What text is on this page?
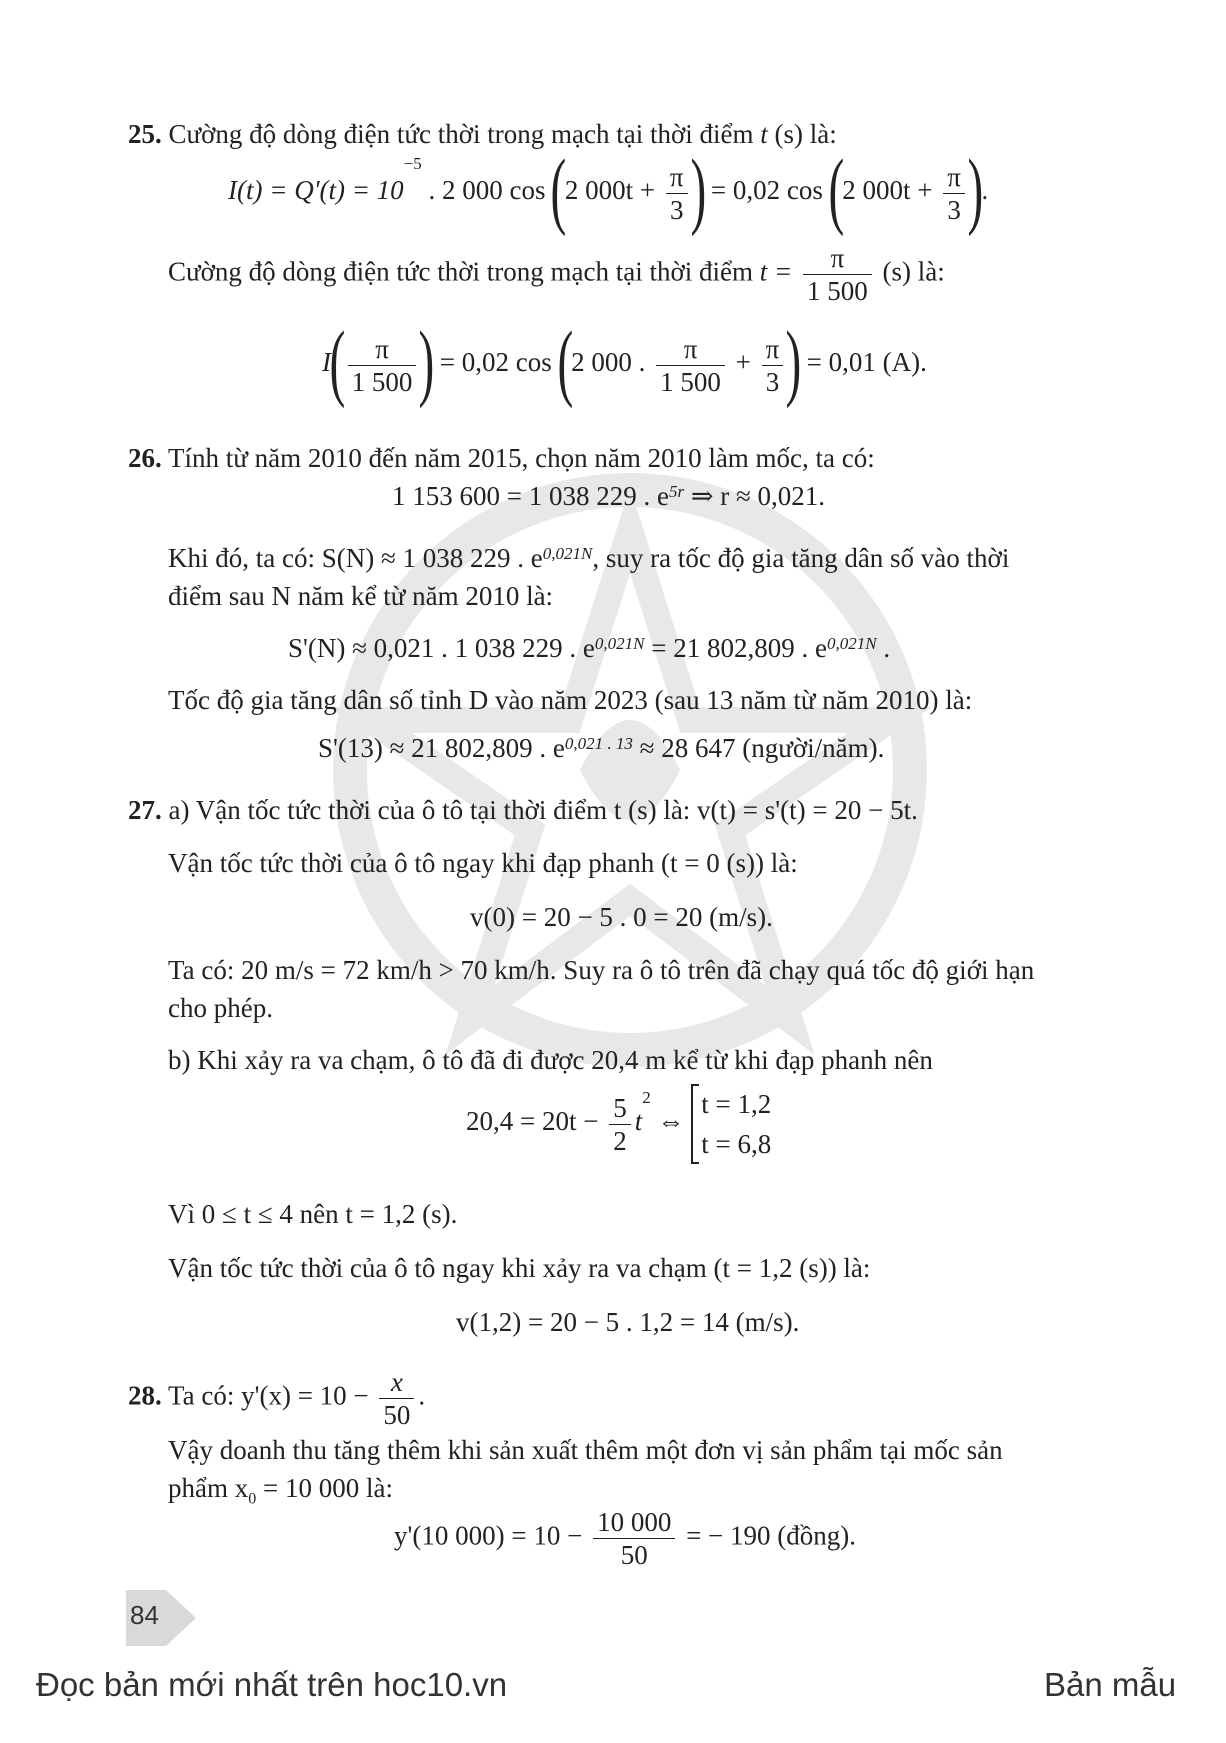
25. Cường độ dòng điện tức thời trong mạch tại thời điểm t (s) là:
$I(t) = Q'(t) = 10^{-5}$ . 2 000 cos (2 $000t + \frac{\pi}{3}$ ) = 0,02 cos (2 $000t + \frac{\pi}{3}$ ).
Cường độ dòng điện tức thời trong mạch tại thời điểm $t = \frac{\pi}{1 500} (s)$ là:
$I( \frac{\pi}{1 500}$ ) = 0,02 cos (2 000 . $\frac{\pi}{1 500} + \frac{\pi}{3}$ ) = 0,01 (A).
26. Tính từ năm 2010 đến năm 2015, chọn năm 2010 làm mốc, ta có:
1 153 600 = 1 038 229 . $e^{5r}$ ⇒ r ≈ 0,021.
Khi đó, ta có: S(N) ≈ 1 038 229 . $e^{0,021N}$, suy ra tốc độ gia tăng dân số vào thời
điểm sau N năm kể từ năm 2010 là:
S'(N) ≈ 0,021 . 1 038 229 . $e^{0,021N} = 21$ 802,809 . $e^{0,021N}$ .
Tốc độ gia tăng dân số tỉnh D vào năm 2023 (sau 13 năm từ năm 2010) là:
S'(13) ≈ 21 802,809 . $e^{0,021 . 13} \approx 28$ 647 (người/năm).
27. a) Vận tốc tức thời của ô tô tại thời điểm t (s) là: v(t) = s'(t) = 20 − 5t.
Vận tốc tức thời của ô tô ngay khi đạp phanh (t = 0 (s)) là:
v(0) = 20 − 5 . 0 = 20 (m/s).
Ta có: 20 m/s = 72 km/h > 70 km/h. Suy ra ô tô trên đã chạy quá tốc độ giới hạn
cho phép.
b) Khi xảy ra va chạm, ô tô đã đi được 20,4 m kể từ khi đạp phanh nên
$20,4 = 20t - \frac{5}{2} t^2$ ⇔
t = 1,2
t = 6,8
Vì 0 ≤ t ≤ 4 nên t = 1,2 (s).
Vận tốc tức thời của ô tô ngay khi xảy ra va chạm (t = 1,2 (s)) là:
v(1,2) = 20 − 5 . 1,2 = 14 (m/s).
28. Ta có: $y'(x) = 10 - \frac{x}{50}$ .
Vậy doanh thu tăng thêm khi sản xuất thêm một đơn vị sản phẩm tại mốc sản
phẩm $x_0 = 10$ 000 là:
y'(10 $000) = 10 - \frac{10 000}{50}$ = − 190 (đồng).
84
Đọc bản mới nhất trên hoc10.vn	Bản mẫu
